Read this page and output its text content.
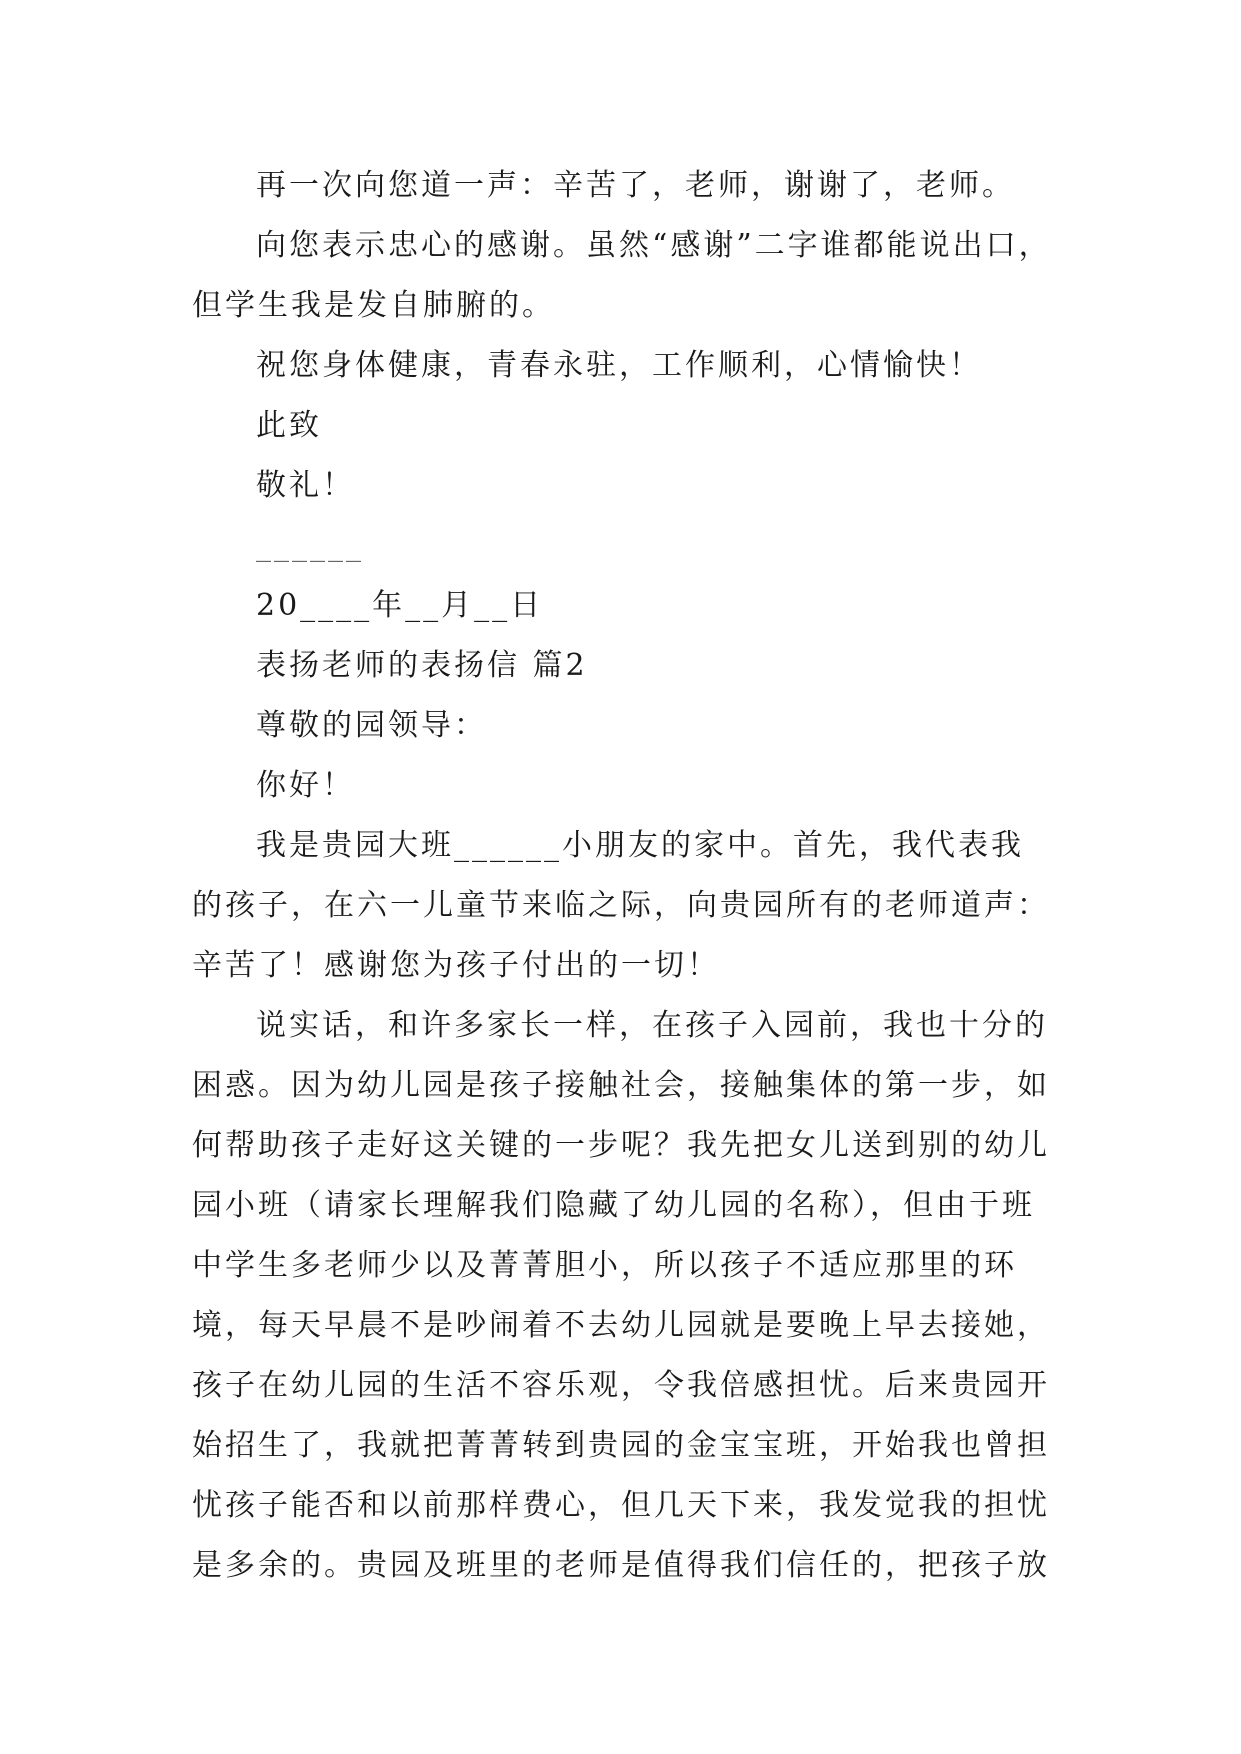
再一次向您道一声：辛苦了，老师，谢谢了，老师。
向您表示忠心的感谢。虽然“感谢”二字谁都能说出口，但学生我是发自肺腑的。
祝您身体健康，青春永驻，工作顺利，心情愉快！
此致
敬礼！
______
20____年__月__日
表扬老师的表扬信 篇2
尊敬的园领导：
你好！
我是贵园大班______小朋友的家中。首先，我代表我的孩子，在六一儿童节来临之际，向贵园所有的老师道声：辛苦了！感谢您为孩子付出的一切！
说实话，和许多家长一样，在孩子入园前，我也十分的困惑。因为幼儿园是孩子接触社会，接触集体的第一步，如何帮助孩子走好这关键的一步呢？我先把女儿送到别的幼儿园小班（请家长理解我们隐藏了幼儿园的名称），但由于班中学生多老师少以及菁菁胆小，所以孩子不适应那里的环境，每天早晨不是吵闹着不去幼儿园就是要晚上早去接她，孩子在幼儿园的生活不容乐观，令我倍感担忧。后来贵园开始招生了，我就把菁菁转到贵园的金宝宝班，开始我也曾担忧孩子能否和以前那样费心，但几天下来，我发觉我的担忧是多余的。贵园及班里的老师是值得我们信任的，把孩子放
